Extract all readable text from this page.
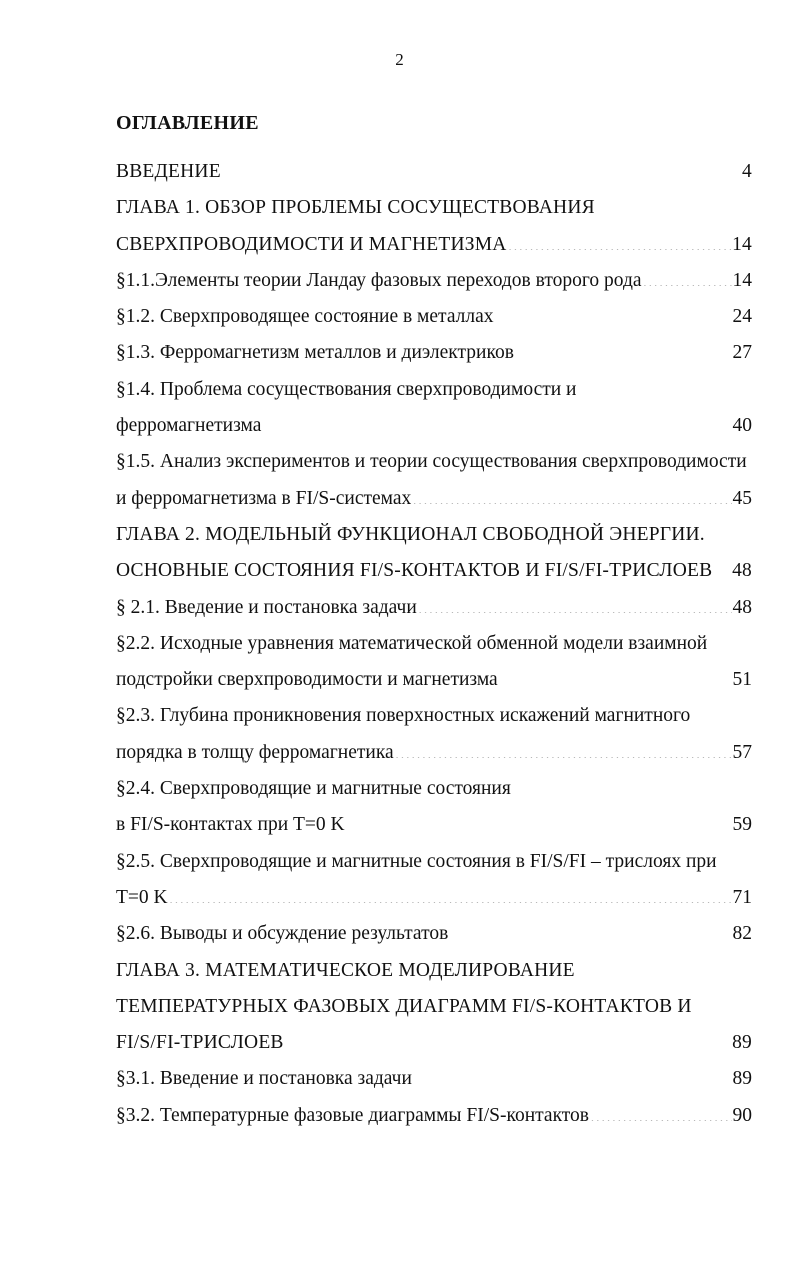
2
ОГЛАВЛЕНИЕ
ВВЕДЕНИЕ .....	4
ГЛАВА 1. ОБЗОР ПРОБЛЕМЫ СОСУЩЕСТВОВАНИЯ
СВЕРХПРОВОДИМОСТИ И МАГНЕТИЗМА .....	14
§1.1.Элементы теории Ландау фазовых переходов второго рода .....	14
§1.2. Сверхпроводящее состояние в металлах .....	24
§1.3. Ферромагнетизм металлов и диэлектриков .....	27
§1.4. Проблема сосуществования сверхпроводимости и
ферромагнетизма .....	40
§1.5. Анализ экспериментов и теории сосуществования сверхпроводимости
и ферромагнетизма в FI/S-системах .....	45
ГЛАВА 2. МОДЕЛЬНЫЙ ФУНКЦИОНАЛ СВОБОДНОЙ ЭНЕРГИИ.
ОСНОВНЫЕ СОСТОЯНИЯ FI/S-КОНТАКТОВ И FI/S/FI-ТРИСЛОЕВ ..... 48
§ 2.1. Введение и постановка задачи .....	48
§2.2. Исходные уравнения математической обменной модели взаимной
подстройки сверхпроводимости и магнетизма .....	51
§2.3. Глубина проникновения поверхностных искажений магнитного
порядка в толщу ферромагнетика .....	57
§2.4. Сверхпроводящие и магнитные состояния
в FI/S-контактах при T=0 K .....	59
§2.5. Сверхпроводящие и магнитные состояния в FI/S/FI – трислоях при
T=0 K .....	71
§2.6. Выводы и обсуждение результатов .....	82
ГЛАВА 3. МАТЕМАТИЧЕСКОЕ МОДЕЛИРОВАНИЕ
ТЕМПЕРАТУРНЫХ ФАЗОВЫХ ДИАГРАММ FI/S-КОНТАКТОВ И
FI/S/FI-ТРИСЛОЕВ .....	89
§3.1. Введение и постановка задачи .....	89
§3.2. Температурные фазовые диаграммы FI/S-контактов .....	90
